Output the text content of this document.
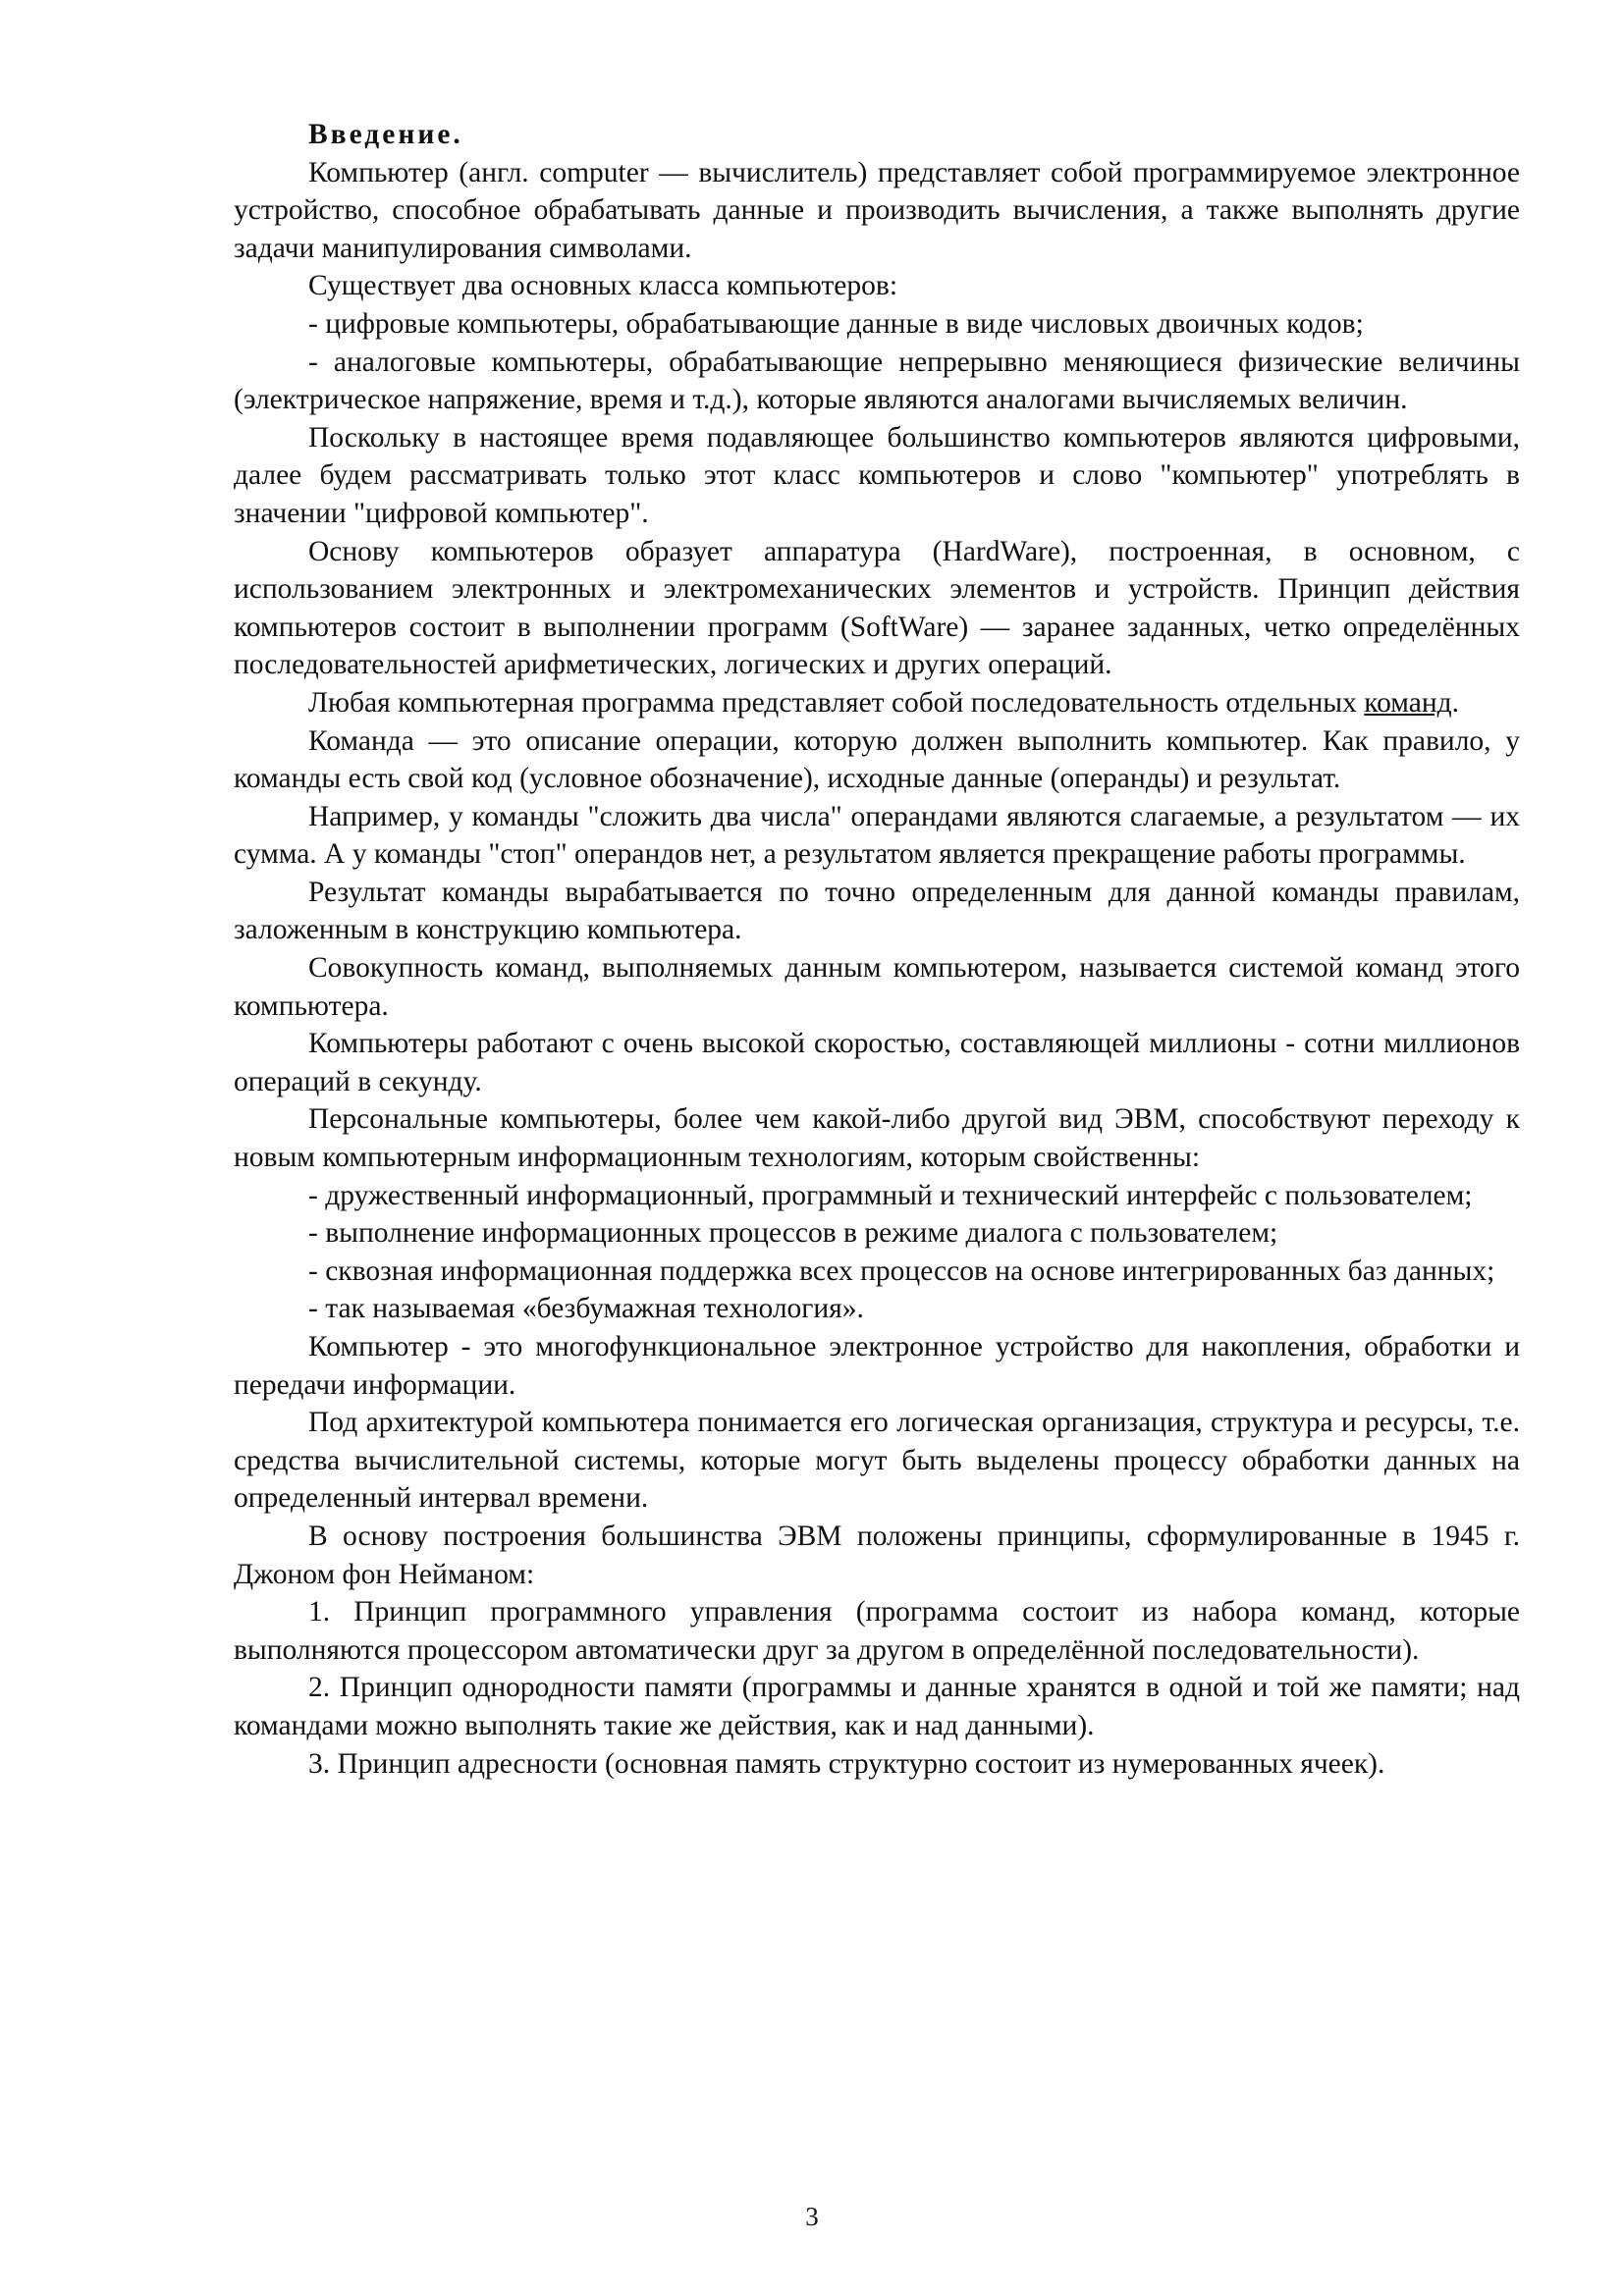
Введение.

Компьютер (англ. computer — вычислитель) представляет собой программируемое электронное устройство, способное обрабатывать данные и производить вычисления, а также выполнять другие задачи манипулирования символами.

Существует два основных класса компьютеров:

- цифровые компьютеры, обрабатывающие данные в виде числовых двоичных кодов;

- аналоговые компьютеры, обрабатывающие непрерывно меняющиеся физические величины (электрическое напряжение, время и т.д.), которые являются аналогами вычисляемых величин.

Поскольку в настоящее время подавляющее большинство компьютеров являются цифровыми, далее будем рассматривать только этот класс компьютеров и слово "компьютер" употреблять в значении "цифровой компьютер".

Основу компьютеров образует аппаратура (HardWare), построенная, в основном, с использованием электронных и электромеханических элементов и устройств. Принцип действия компьютеров состоит в выполнении программ (SoftWare) — заранее заданных, четко определённых последовательностей арифметических, логических и других операций.

Любая компьютерная программа представляет собой последовательность отдельных команд.

Команда — это описание операции, которую должен выполнить компьютер. Как правило, у команды есть свой код (условное обозначение), исходные данные (операнды) и результат.

Например, у команды "сложить два числа" операндами являются слагаемые, а результатом — их сумма. А у команды "стоп" операндов нет, а результатом является прекращение работы программы.

Результат команды вырабатывается по точно определенным для данной команды правилам, заложенным в конструкцию компьютера.

Совокупность команд, выполняемых данным компьютером, называется системой команд этого компьютера.

Компьютеры работают с очень высокой скоростью, составляющей миллионы - сотни миллионов операций в секунду.

Персональные компьютеры, более чем какой-либо другой вид ЭВМ, способствуют переходу к новым компьютерным информационным технологиям, которым свойственны:

- дружественный информационный, программный и технический интерфейс с пользователем;

- выполнение информационных процессов в режиме диалога с пользователем;

- сквозная информационная поддержка всех процессов на основе интегрированных баз данных;

- так называемая «безбумажная технология».

Компьютер - это многофункциональное электронное устройство для накопления, обработки и передачи информации.

Под архитектурой компьютера понимается его логическая организация, структура и ресурсы, т.е. средства вычислительной системы, которые могут быть выделены процессу обработки данных на определенный интервал времени.

В основу построения большинства ЭВМ положены принципы, сформулированные в 1945 г. Джоном фон Нейманом:

1. Принцип программного управления (программа состоит из набора команд, которые выполняются процессором автоматически друг за другом в определённой последовательности).

2. Принцип однородности памяти (программы и данные хранятся в одной и той же памяти; над командами можно выполнять такие же действия, как и над данными).

3. Принцип адресности (основная память структурно состоит из нумерованных ячеек).

3
